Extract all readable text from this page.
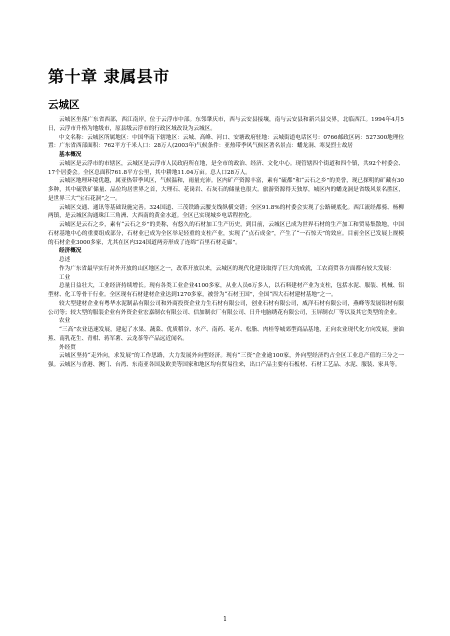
第十章 隶属县市
云城区

云城区坐落广东省西部，西江南岸，位于云浮市中部。东邻肇庆市，西与云安县接壤，南与云安县和新兴县交界，北临西江。1994年4月5日，云浮市升格为地级市，原县级云浮市的行政区域改设为云城区。

中文名称：云城区所属地区：中国华南下辖地区：云城、高峰、河口、安塘政府驻地：云城街道电话区号：0766邮政区码：527300地理位置：广东省西部面积：762平方千米人口：28万人(2003年)气候条件：亚热带季风气候区著名景点：蟠龙洞、寒旻烈士故居

基本概况

云城区是云浮市的市辖区，云城区是云浮市人民政府所在地，是全市的政治、经济、文化中心。现管辖四个街道和四个镇，共92个村委会、17个居委会。全区总面积761.8平方公里，其中耕地11.04万亩。总人口28万人。

云城区地理环境优越，属亚热带季风区，气候温和，雨量充沛。区内矿产资源丰富，素有“硫都”和“云石之乡”的美誉，现已探明的矿藏有30多种，其中硫铁矿储量、品位均居世界之首，大理石、花岗岩、石灰石的储量也很大。旅游资源得天独厚，城区内的蟠龙洞是省级风景名胜区，是世界三大“宝石花洞”之一。

云城区交通、通讯等基础设施完善。324国道、三茂铁路云腰支线纵横交错；全区91.8%的村委会实现了公路硬底化。西江流经都骑、杨柳两镇，是云城区沟通珠江三角洲、大西南的黄金水道。全区已实现城乡电话程控化。

云城区是云石之乡，素有“云石之乡”的美称，有悠久的石材加工生产历史，到目前，云城区已成为世界石材的生产加工和贸易集散地，中国石材基地中心的重要组成部分，石材业已成为全区举足轻重的支柱产业，实现了“点石成金”，产生了“一石惊天”的效应。目前全区已发展上规模的石材企业3000多家，尤其在区内324国道两旁形成了连绵“百里石材走廊”。

经济概况

总述

作为广东省最早实行对外开放的山区地区之一，改革开放以来，云城区的现代化建设取得了巨大的成就，工农商贸各方面都有较大发展：

工业

总量日益壮大，工业经济持续增长。现有各类工业企业4100多家，从业人员6万多人，以石料建材产业为支柱，包括水泥、服装、机械、铝型材、化工等骨干行业。全区现有石材建材企业达到1270多家，被誉为“石材王国”，全国“四大石材建材基地”之一。

较大型建材企业有粤华水泥制品有限公司和外商投资企业力生石材有限公司，创业石材有限公司，威洋石材有限公司，燕峰等发展铝材有限公司等；较大型的服装企业有外资企业宏嘉制衣有限公司、信加制衣厂有限公司、日升电脑绣花有限公司，玉屏制衣厂等以及其它类型的企业。

农业

“三高”农业迅速发展，建起了水果、蔬菜、优质稻谷、水产、南药、花卉、松脂、肉桂等城郊型商品基地，正向农业现代化方向发展，蚕油蕉、南乳花生、青柑、蒋军薯、云龙茶等产品远近闻名。

外经贸

云城区坚持“走外向，求发展”的工作思路，大力发展外向型经济。现有“三资”企业逾100家，外向型经济约占全区工业总产值的三分之一强。云城区与香港、澳门、台湾、东南亚各国及欧美等国家和地区均有贸易往来，出口产品主要有石板材、石材工艺品、水泥、服装、家具等。

1
